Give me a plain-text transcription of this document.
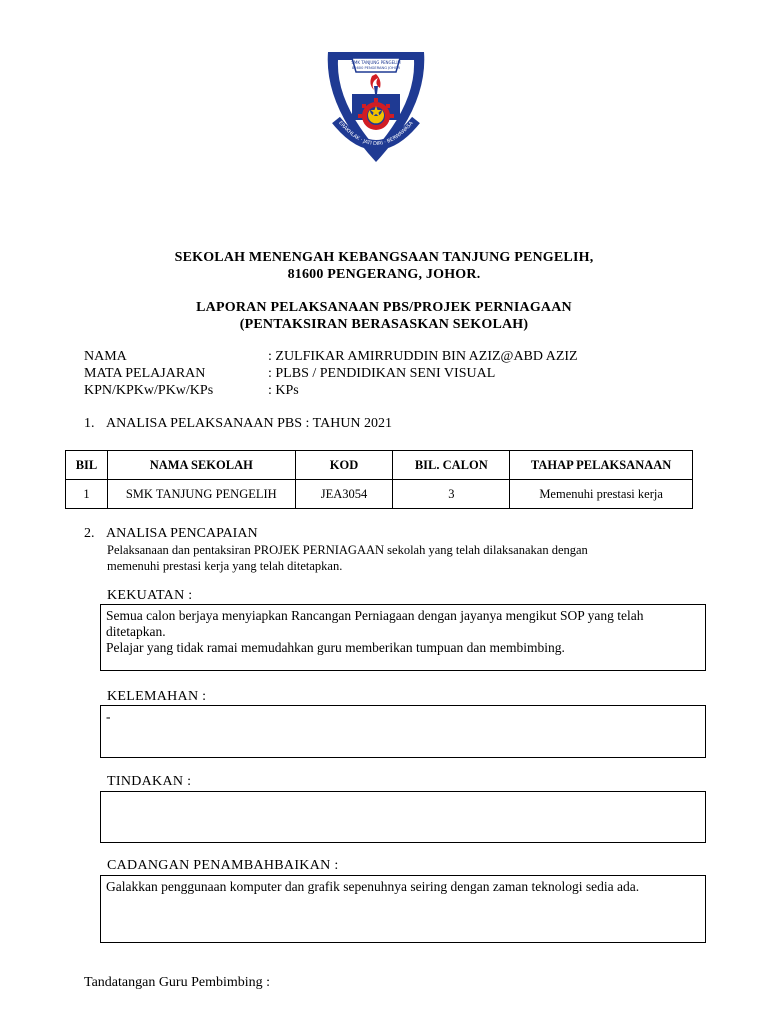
SMK TANJUNG PENGELIH
81600 PENGERANG JOHOR
ERAKHLAK · JATI DIRI · BERWAWASA
SEKOLAH MENENGAH KEBANGSAAN TANJUNG PENGELIH,
81600 PENGERANG, JOHOR.
LAPORAN PELAKSANAAN PBS/PROJEK PERNIAGAAN
(PENTAKSIRAN BERASASKAN SEKOLAH)
NAMA	: ZULFIKAR AMIRRUDDIN BIN AZIZ@ABD AZIZ
MATA PELAJARAN	: PLBS / PENDIDIKAN SENI VISUAL
KPN/KPKw/PKw/KPs	: KPs
1. ANALISA PELAKSANAAN PBS : TAHUN 2021
BIL	NAMA SEKOLAH	KOD	BIL. CALON	TAHAP PELAKSANAAN
1	SMK TANJUNG PENGELIH	JEA3054	3	Memenuhi prestasi kerja
2. ANALISA PENCAPAIAN
Pelaksanaan dan pentaksiran PROJEK PERNIAGAAN sekolah yang telah dilaksanakan dengan
memenuhi prestasi kerja yang telah ditetapkan.
KEKUATAN :

Semua calon berjaya menyiapkan Rancangan Perniagaan dengan jayanya mengikut SOP yang telah ditetapkan.

Pelajar yang tidak ramai memudahkan guru memberikan tumpuan dan membimbing.

KELEMAHAN :

-

TINDAKAN :

CADANGAN PENAMBAHBAIKAN :

Galakkan penggunaan komputer dan grafik sepenuhnya seiring dengan zaman teknologi sedia ada.

Tandatangan Guru Pembimbing :
